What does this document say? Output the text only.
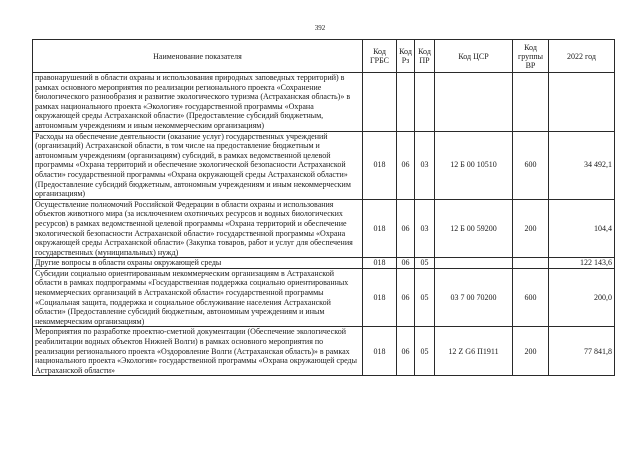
392
Наименование показателя	Код ГРБС	Код Рз	Код ПР	Код ЦСР	Код группы ВР	2022 год
правонарушений в области охраны и использования природных заповедных территорий) в рамках основного мероприятия по реализации регионального проекта «Сохранение биологического разнообразия и развитие экологического туризма (Астраханская область)» в рамках национального проекта «Экология» государственной программы «Охрана окружающей среды Астраханской области» (Предоставление субсидий бюджетным, автономным учреждениям и иным некоммерческим организациям)						
Расходы на обеспечение деятельности (оказание услуг) государственных учреждений (организаций) Астраханской области, в том числе на предоставление бюджетным и автономным учреждениям (организациям) субсидий, в рамках ведомственной целевой программы «Охрана территорий и обеспечение экологической безопасности Астраханской области» государственной программы «Охрана окружающей среды Астраханской области» (Предоставление субсидий бюджетным, автономным учреждениям и иным некоммерческим организациям)	018	06	03	12 Б 00 10510	600	34 492,1
Осуществление полномочий Российской Федерации в области охраны и использования объектов животного мира (за исключением охотничьих ресурсов и водных биологических ресурсов) в рамках ведомственной целевой программы «Охрана территорий и обеспечение экологической безопасности Астраханской области» государственной программы «Охрана окружающей среды Астраханской области» (Закупка товаров, работ и услуг для обеспечения государственных (муниципальных) нужд)	018	06	03	12 Б 00 59200	200	104,4
Другие вопросы в области охраны окружающей среды	018	06	05			122 143,6
Субсидии социально ориентированным некоммерческим организациям в Астраханской области в рамках подпрограммы «Государственная поддержка социально ориентированных некоммерческих организаций в Астраханской области» государственной программы «Социальная защита, поддержка и социальное обслуживание населения Астраханской области» (Предоставление субсидий бюджетным, автономным учреждениям и иным некоммерческим организациям)	018	06	05	03 7 00 70200	600	200,0
Мероприятия по разработке проектно-сметной документации (Обеспечение экологической реабилитации водных объектов Нижней Волги) в рамках основного мероприятия по реализации регионального проекта «Оздоровление Волги (Астраханская область)» в рамках национального проекта «Экология» государственной программы «Охрана окружающей среды Астраханской области»	018	06	05	12 Z G6 П1911	200	77 841,8
